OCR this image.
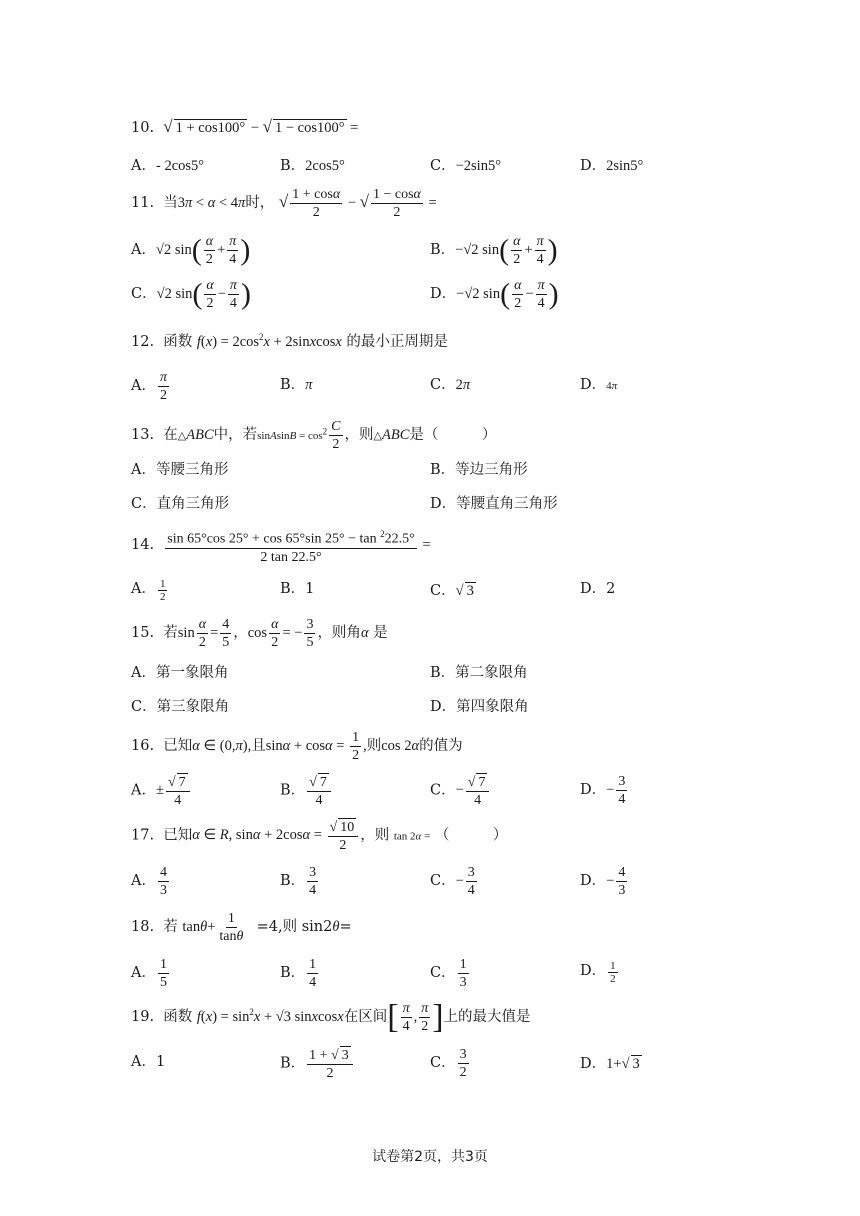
10. √ 1 + cos100° − √ 1 − cos100° =
A．- 2cos5°	B．2cos5°	C．−2sin5°	D．2sin5°
11. 当3π < α < 4π时， √ $\frac{1 + \cos\alpha}{2}$ − √ $\frac{1 - \cos\alpha}{2}$ =
A．√2 $\sin( \frac{\alpha}{2} + \frac{\pi}{4}$ )	B．−√2 $\sin( \frac{\alpha}{2} + \frac{\pi}{4}$ )
C．√2 $\sin( \frac{\alpha}{2} - \frac{\pi}{4}$ )	D．−√2 $\sin( \frac{\alpha}{2} - \frac{\pi}{4}$ )
12. 函数 $f(x) = 2\cos^2x$ + 2sinxcosx 的最小正周期是
A． $\frac{\pi}{2}$	B．π	C．2π	D．4π
13. 在△ABC中，若sinAsinB = $\cos^2 \frac{C}{2}$ ，则△ABC是（　　　）
A．等腰三角形	B．等边三角形
C．直角三角形	D．等腰直角三角形
14. $\frac{\sin 65^\circ\cos 25^\circ + \cos 65^\circ\sin 25^\circ - \tan ^222.5^\circ}{2 \tan 22.5^\circ}$ =
A． $\frac{1}{2}$	B．1	C．√ 3	D．2
15. 若$\sin \frac{\alpha}{2} = \frac{4}{5}$ ，$\cos \frac{\alpha}{2}$ = − $\frac{3}{5}$ ，则角α 是
A．第一象限角	B．第二象限角
C．第三象限角	D．第四象限角
16. 已知α ∈ (0,π),且$\sin\alpha + \cos\alpha = \frac{1}{2}$ ,则cos 2α的值为
A．± $\frac{√ 7}{4}$	B． $\frac{√ 7}{4}$	C．− $\frac{√ 7}{4}$	D．− $\frac{3}{4}$
17. 已知α ∈ R, $\sin\alpha + 2\cos\alpha = \frac{√ 10}{2}$ ，则 tan 2α = （　　　）
A． $\frac{4}{3}$	B． $\frac{3}{4}$	C．− $\frac{3}{4}$	D．− $\frac{4}{3}$
18. 若 $\tan\theta+ \frac{1}{\tan\theta} =4$,则 sin2θ=
A． $\frac{1}{5}$	B． $\frac{1}{4}$	C． $\frac{1}{3}$	D． $\frac{1}{2}$
19. 函数 $f(x) = \sin^2x + √3$ sinxcosx在区间[ $\frac{\pi}{4}$ , $\frac{\pi}{2}$ ]上的最大值是
A．1	B． $\frac{1 + √ 3}{2}$	C． $\frac{3}{2}$	D．1+√ 3
试卷第2页，共3页
